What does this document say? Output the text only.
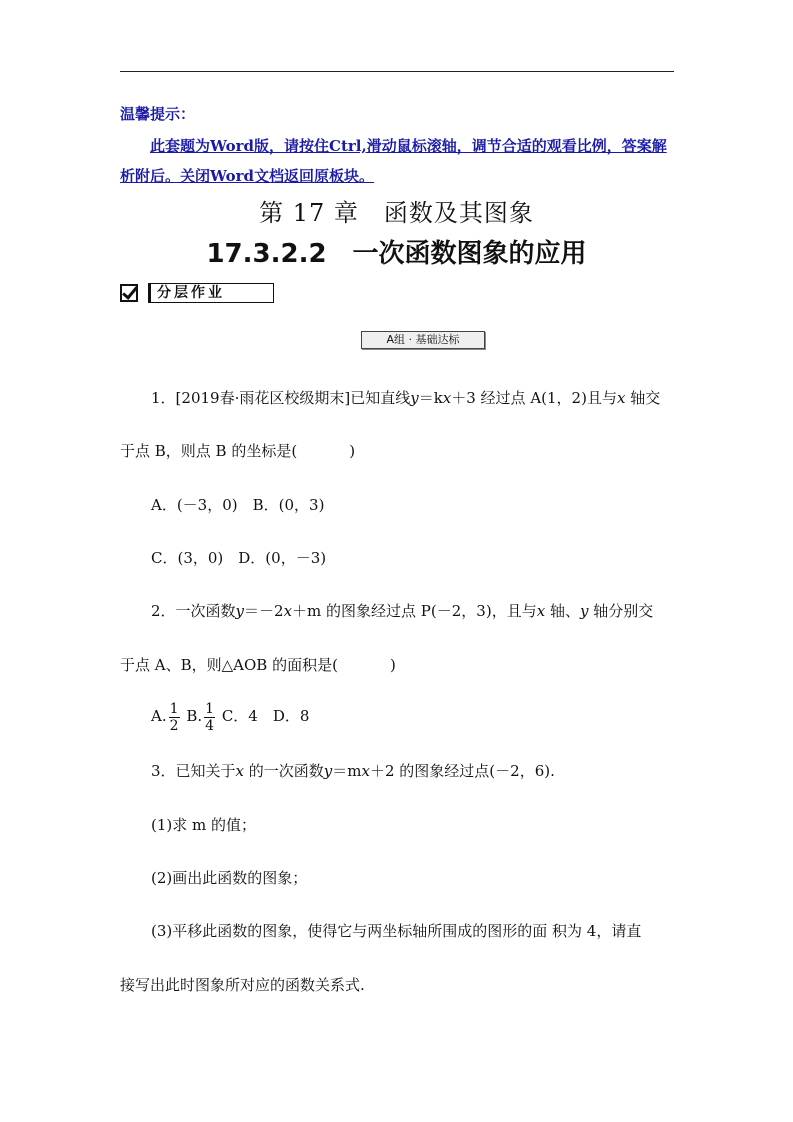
温馨提示：
此套题为Word版，请按住Ctrl,滑动鼠标滚轴，调节合适的观看比例，答案解析附后。关闭Word文档返回原板块。
第 17 章　函数及其图象
17.3.2.2　一次函数图象的应用
分层作业
A组 · 基础达标
1．[2019春·雨花区校级期末]已知直线y＝kx＋3 经过点 A(1，2)且与x 轴交
于点 B，则点 B 的坐标是(	)
A．(－3，0)　B．(0，3)
C．(3，0)　D．(0，－3)
2．一次函数y＝－2x＋m 的图象经过点 P(－2，3)，且与x 轴、y 轴分别交
于点 A、B，则△AOB 的面积是(	)
A. $\frac{1}{2} B$. $\frac{1}{4}$ C．4　D．8
3．已知关于x 的一次函数y＝mx＋2 的图象经过点(－2，6).
(1)求 m 的值；
(2)画出此函数的图象；
(3)平移此函数的图象，使得它与两坐标轴所围成的图形的面 积为 4，请直
接写出此时图象所对应的函数关系式.
